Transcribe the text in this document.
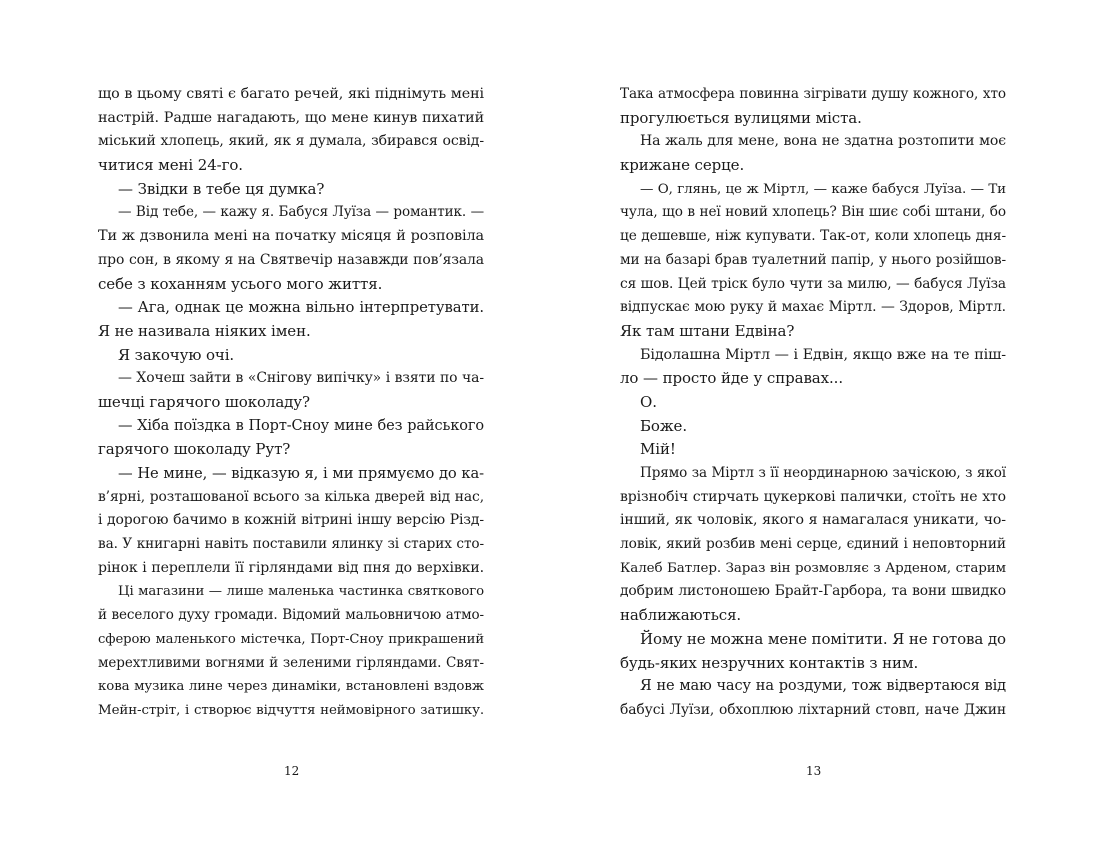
що в цьому святі є багато речей, які піднімуть мені
настрій. Радше нагадають, що мене кинув пихатий
міський хлопець, який, як я думала, збирався освід-
читися мені 24-го.
— Звідки в тебе ця думка?
— Від тебе, — кажу я. Бабуся Луїза — романтик. —
Ти ж дзвонила мені на початку місяця й розповіла
про сон, в якому я на Святвечір назавжди пов’язала
себе з коханням усього мого життя.
— Ага, однак це можна вільно інтерпретувати.
Я не називала ніяких імен.
Я закочую очі.
— Хочеш зайти в «Снігову випічку» і взяти по ча-
шечці гарячого шоколаду?
— Хіба поїздка в Порт-Сноу мине без райського
гарячого шоколаду Рут?
— Не мине, — відказую я, і ми прямуємо до ка-
в’ярні, розташованої всього за кілька дверей від нас,
і дорогою бачимо в кожній вітрині іншу версію Різд-
ва. У книгарні навіть поставили ялинку зі старих сто-
рінок і переплели її гірляндами від пня до верхівки.
Ці магазини — лише маленька частинка святкового
й веселого духу громади. Відомий мальовничою атмо-
сферою маленького містечка, Порт-Сноу прикрашений
мерехтливими вогнями й зеленими гірляндами. Свят-
кова музика лине через динаміки, встановлені вздовж
Мейн-стріт, і створює відчуття неймовірного затишку.
12
Така атмосфера повинна зігрівати душу кожного, хто
прогулюється вулицями міста.
На жаль для мене, вона не здатна розтопити моє
крижане серце.
— О, глянь, це ж Міртл, — каже бабуся Луїза. — Ти
чула, що в неї новий хлопець? Він шиє собі штани, бо
це дешевше, ніж купувати. Так-от, коли хлопець дня-
ми на базарі брав туалетний папір, у нього розійшов-
ся шов. Цей тріск було чути за милю, — бабуся Луїза
відпускає мою руку й махає Міртл. — Здоров, Міртл.
Як там штани Едвіна?
Бідолашна Міртл — і Едвін, якщо вже на те піш-
ло — просто йде у справах...
О.
Боже.
Мій!
Прямо за Міртл з її неординарною зачіскою, з якої
врізнобіч стирчать цукеркові палички, стоїть не хто
інший, як чоловік, якого я намагалася уникати, чо-
ловік, який розбив мені серце, єдиний і неповторний
Калеб Батлер. Зараз він розмовляє з Арденом, старим
добрим листоношею Брайт-Гарбора, та вони швидко
наближаються.
Йому не можна мене помітити. Я не готова до
будь-яких незручних контактів з ним.
Я не маю часу на роздуми, тож відвертаюся від
бабусі Луїзи, обхоплюю ліхтарний стовп, наче Джин
13
